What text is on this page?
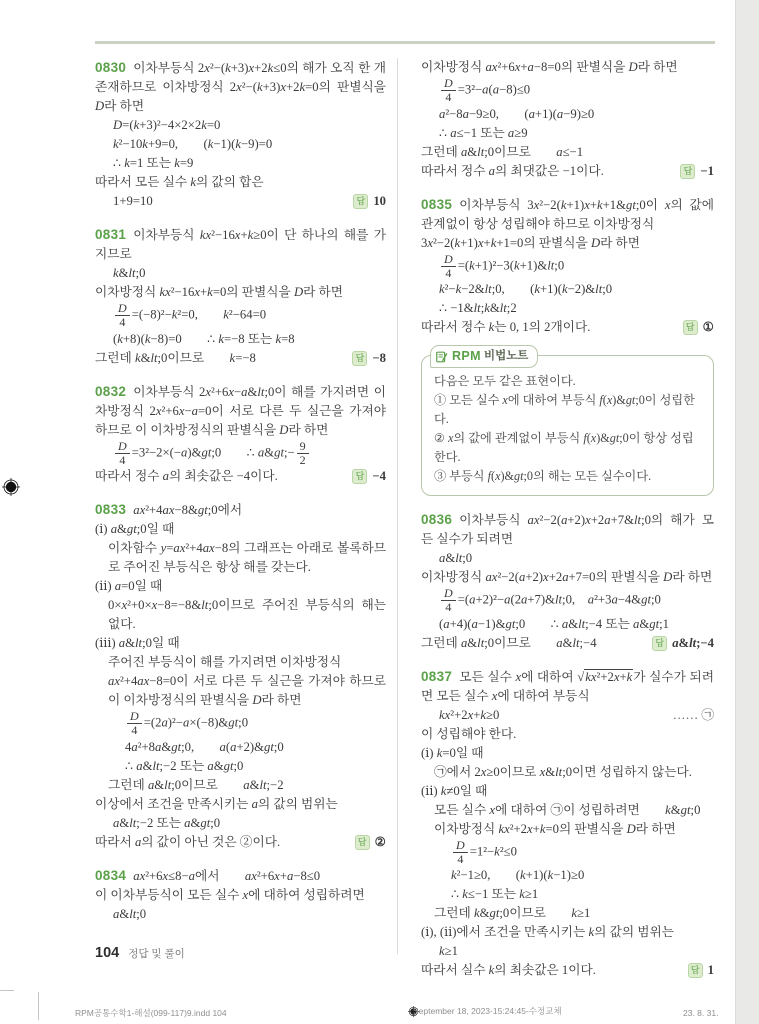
0830 이차부등식 2x²−(k+3)x+2k≤0의 해가 오직 한 개 존재하므로 이차방정식 2x²−(k+3)x+2k=0의 판별식을 D라 하면
D=(k+3)²−4×2×2k=0
k²−10k+9=0,  (k−1)(k−9)=0
∴ k=1 또는 k=9
따라서 모든 실수 k의 값의 합은
1+9=10	답 10
0831 이차부등식 kx²−16x+k≥0이 단 하나의 해를 가지므로
k&lt;0
이차방정식 kx²−16x+k=0의 판별식을 D라 하면
$\frac{D}{4} =(-8)^2-k^2=0$,  k²−64=0
(k+8)(k−8)=0  ∴ k=−8 또는 k=8
그런데 k&lt;0이므로  k=−8	답 −8
0832 이차부등식 2x²+6x−a&lt;0이 해를 가지려면 이차방정식 2x²+6x−a=0이 서로 다른 두 실근을 가져야 하므로 이 이차방정식의 판별식을 D라 하면
$\frac{D}{4}$ =3²−2×(−a)&gt;0  ∴ a&gt;− $\frac{9}{2}$
따라서 정수 a의 최솟값은 −4이다.	답 −4
0833 ax²+4ax−8&gt;0에서
(ⅰ) a&gt;0일 때
이차함수 y=ax²+4ax−8의 그래프는 아래로 볼록하므로 주어진 부등식은 항상 해를 갖는다.
(ⅱ) a=0일 때
0×x²+0×x−8=−8&lt;0이므로 주어진 부등식의 해는 없다.
(ⅲ) a&lt;0일 때
주어진 부등식이 해를 가지려면 이차방정식
ax²+4ax−8=0이 서로 다른 두 실근을 가져야 하므로 이 이차방정식의 판별식을 D라 하면
$\frac{D}{4}$ =(2a)²−a×(−8)&gt;0
4a²+8a&gt;0,  a(a+2)&gt;0
∴ a&lt;−2 또는 a&gt;0
그런데 a&lt;0이므로  a&lt;−2
이상에서 조건을 만족시키는 a의 값의 범위는
a&lt;−2 또는 a&gt;0
따라서 a의 값이 아닌 것은 ②이다.	답 ②
0834 ax²+6x≤8−a에서  ax²+6x+a−8≤0
이 이차부등식이 모든 실수 x에 대하여 성립하려면
a&lt;0
이차방정식 ax²+6x+a−8=0의 판별식을 D라 하면
$\frac{D}{4} =3^2-a(a-8)\le 0$
a²−8a−9≥0,  (a+1)(a−9)≥0
∴ a≤−1 또는 a≥9
그런데 a&lt;0이므로  a≤−1
따라서 정수 a의 최댓값은 −1이다.	답 −1
0835 이차부등식 3x²−2(k+1)x+k+1&gt;0이 x의 값에 관계없이 항상 성립해야 하므로 이차방정식
3x²−2(k+1)x+k+1=0의 판별식을 D라 하면
$\frac{D}{4}$ =(k+1)²−3(k+1)&lt;0
k²−k−2&lt;0,  (k+1)(k−2)&lt;0
∴ −1&lt;k&lt;2
따라서 정수 k는 0, 1의 2개이다.	답 ①
RPM 비법노트
다음은 모두 같은 표현이다.
① 모든 실수 x에 대하여 부등식 f(x)&gt;0이 성립한다.
② x의 값에 관계없이 부등식 f(x)&gt;0이 항상 성립한다.
③ 부등식 f(x)&gt;0의 해는 모든 실수이다.
0836 이차부등식 ax²−2(a+2)x+2a+7&lt;0의 해가 모든 실수가 되려면
a&lt;0
이차방정식 ax²−2(a+2)x+2a+7=0의 판별식을 D라 하면
$\frac{D}{4}$ =(a+2)²−a(2a+7)&lt;0, a²+3a−4&gt;0
(a+4)(a−1)&gt;0  ∴ a&lt;−4 또는 a&gt;1
그런데 a&lt;0이므로  a&lt;−4	답 a&lt;−4
0837 모든 실수 x에 대하여 √kx²+2x+k가 실수가 되려면 모든 실수 x에 대하여 부등식
kx²+2x+k≥0	…… ㉠
이 성립해야 한다.
(ⅰ) k=0일 때
㉠에서 2x≥0이므로 x&lt;0이면 성립하지 않는다.
(ⅱ) k≠0일 때
모든 실수 x에 대하여 ㉠이 성립하려면  k&gt;0
이차방정식 kx²+2x+k=0의 판별식을 D라 하면
$\frac{D}{4} =1^2-k^2\le 0$
k²−1≥0,  (k+1)(k−1)≥0
∴ k≤−1 또는 k≥1
그런데 k&gt;0이므로  k≥1
(ⅰ), (ⅱ)에서 조건을 만족시키는 k의 값의 범위는
k≥1
따라서 실수 k의 최솟값은 1이다.	답 1
104 정답 및 풀이
RPM공통수학1-해설(099-117)9.indd 104	September 18, 2023-15:24:45-수정교체	23. 8. 31.
